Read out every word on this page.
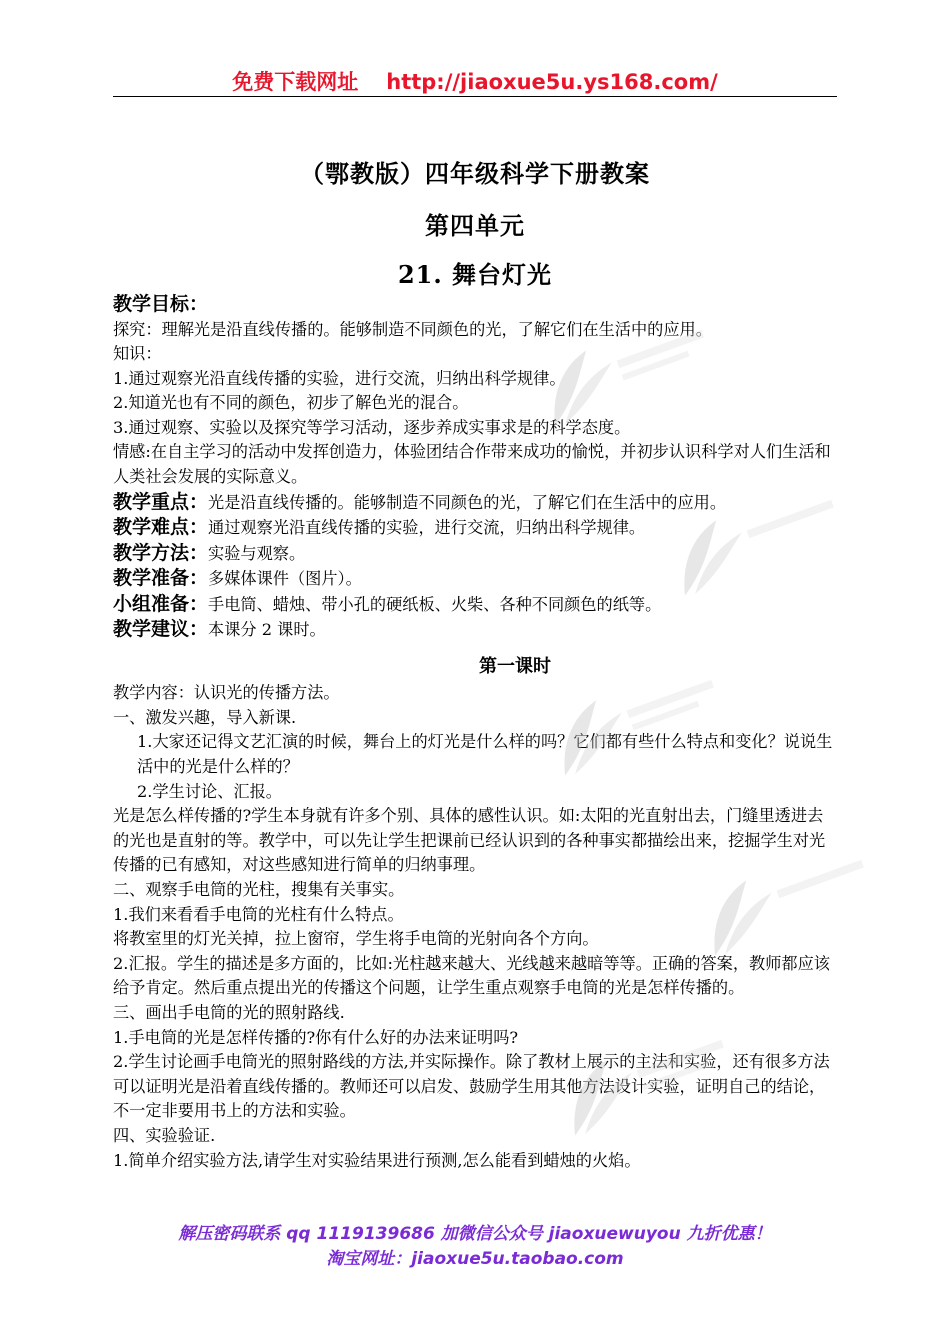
免费下载网址 http://jiaoxue5u.ys168.com/
（鄂教版）四年级科学下册教案
第四单元
21. 舞台灯光

教学目标：

探究：理解光是沿直线传播的。能够制造不同颜色的光，了解它们在生活中的应用。

知识：

1.通过观察光沿直线传播的实验，进行交流，归纳出科学规律。

2.知道光也有不同的颜色，初步了解色光的混合。

3.通过观察、实验以及探究等学习活动，逐步养成实事求是的科学态度。

情感:在自主学习的活动中发挥创造力，体验团结合作带来成功的愉悦，并初步认识科学对人们生活和人类社会发展的实际意义。

教学重点：光是沿直线传播的。能够制造不同颜色的光，了解它们在生活中的应用。

教学难点：通过观察光沿直线传播的实验，进行交流，归纳出科学规律。

教学方法：实验与观察。

教学准备：多媒体课件（图片）。

小组准备：手电筒、蜡烛、带小孔的硬纸板、火柴、各种不同颜色的纸等。

教学建议：本课分 2 课时。

第一课时

教学内容：认识光的传播方法。

一、激发兴趣，导入新课.

1.大家还记得文艺汇演的时候，舞台上的灯光是什么样的吗？它们都有些什么特点和变化？说说生活中的光是什么样的？

2.学生讨论、汇报。

光是怎么样传播的?学生本身就有许多个别、具体的感性认识。如:太阳的光直射出去，门缝里透进去的光也是直射的等。教学中，可以先让学生把课前已经认识到的各种事实都描绘出来，挖掘学生对光传播的已有感知，对这些感知进行简单的归纳事理。

二、观察手电筒的光柱，搜集有关事实。

1.我们来看看手电筒的光柱有什么特点。

将教室里的灯光关掉，拉上窗帘，学生将手电筒的光射向各个方向。

2.汇报。学生的描述是多方面的，比如:光柱越来越大、光线越来越暗等等。正确的答案，教师都应该给予肯定。然后重点提出光的传播这个问题，让学生重点观察手电筒的光是怎样传播的。

三、画出手电筒的光的照射路线.

1.手电筒的光是怎样传播的?你有什么好的办法来证明吗?

2.学生讨论画手电筒光的照射路线的方法,并实际操作。除了教材上展示的主法和实验，还有很多方法可以证明光是沿着直线传播的。教师还可以启发、鼓励学生用其他方法设计实验，证明自己的结论，不一定非要用书上的方法和实验。

四、实验验证.

1.简单介绍实验方法,请学生对实验结果进行预测,怎么能看到蜡烛的火焰。

解压密码联系 qq 1119139686 加微信公众号 jiaoxuewuyou 九折优惠！
淘宝网址：jiaoxue5u.taobao.com
